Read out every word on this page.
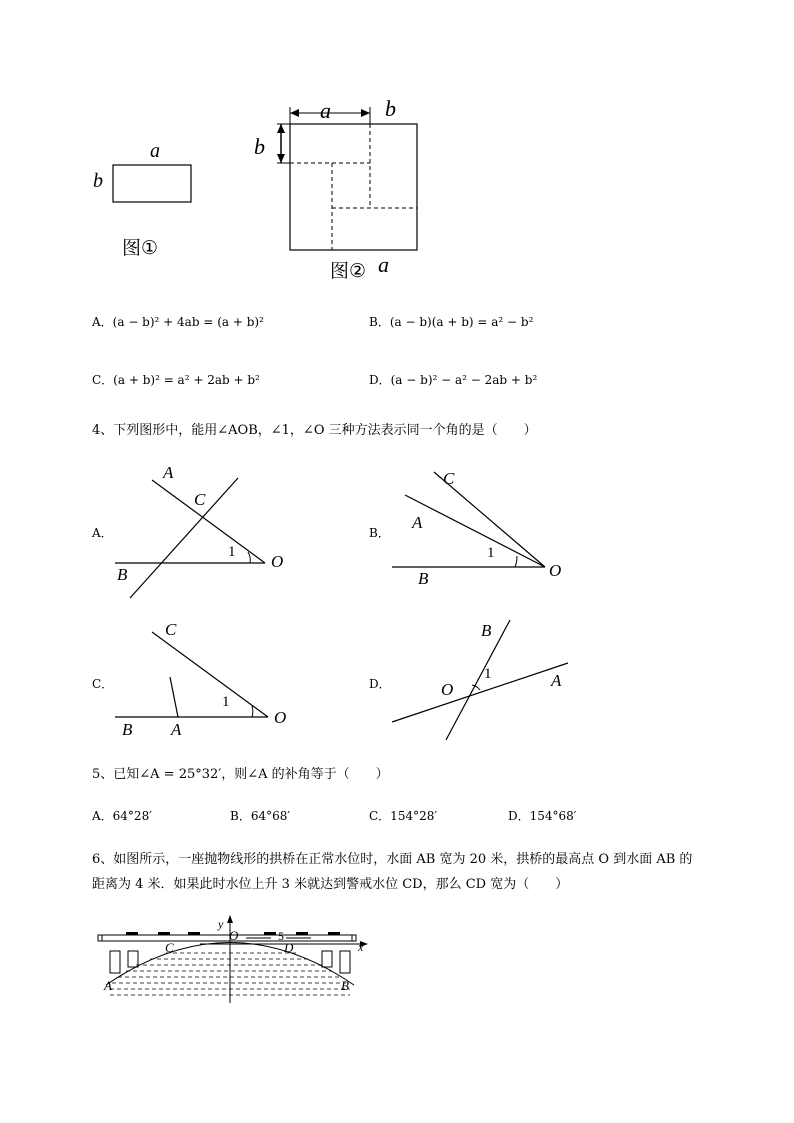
a
b
图①
a b
b
图② a
A．(a − b)² + 4ab = (a + b)²	B．(a − b)(a + b) = a² − b²
C．(a + b)² = a² + 2ab + b²	D．(a − b)² − a² − 2ab + b²
4、下列图形中，能用∠AOB，∠1，∠O 三种方法表示同一个角的是（　　）
A．
A
C
B
O
1
B．
C
A
B	O
1
C．
C
B A
O
1
D．
B
O	A
1
5、已知∠A = 25°32′，则∠A 的补角等于（　　）
A．64°28′	B．64°68′	C．154°28′	D．154°68′
6、如图所示，一座抛物线形的拱桥在正常水位时，水面 AB 宽为 20 米，拱桥的最高点 O 到水面 AB 的
距离为 4 米．如果此时水位上升 3 米就达到警戒水位 CD，那么 CD 宽为（　　）
y
O	5
x
C	D
A	B
